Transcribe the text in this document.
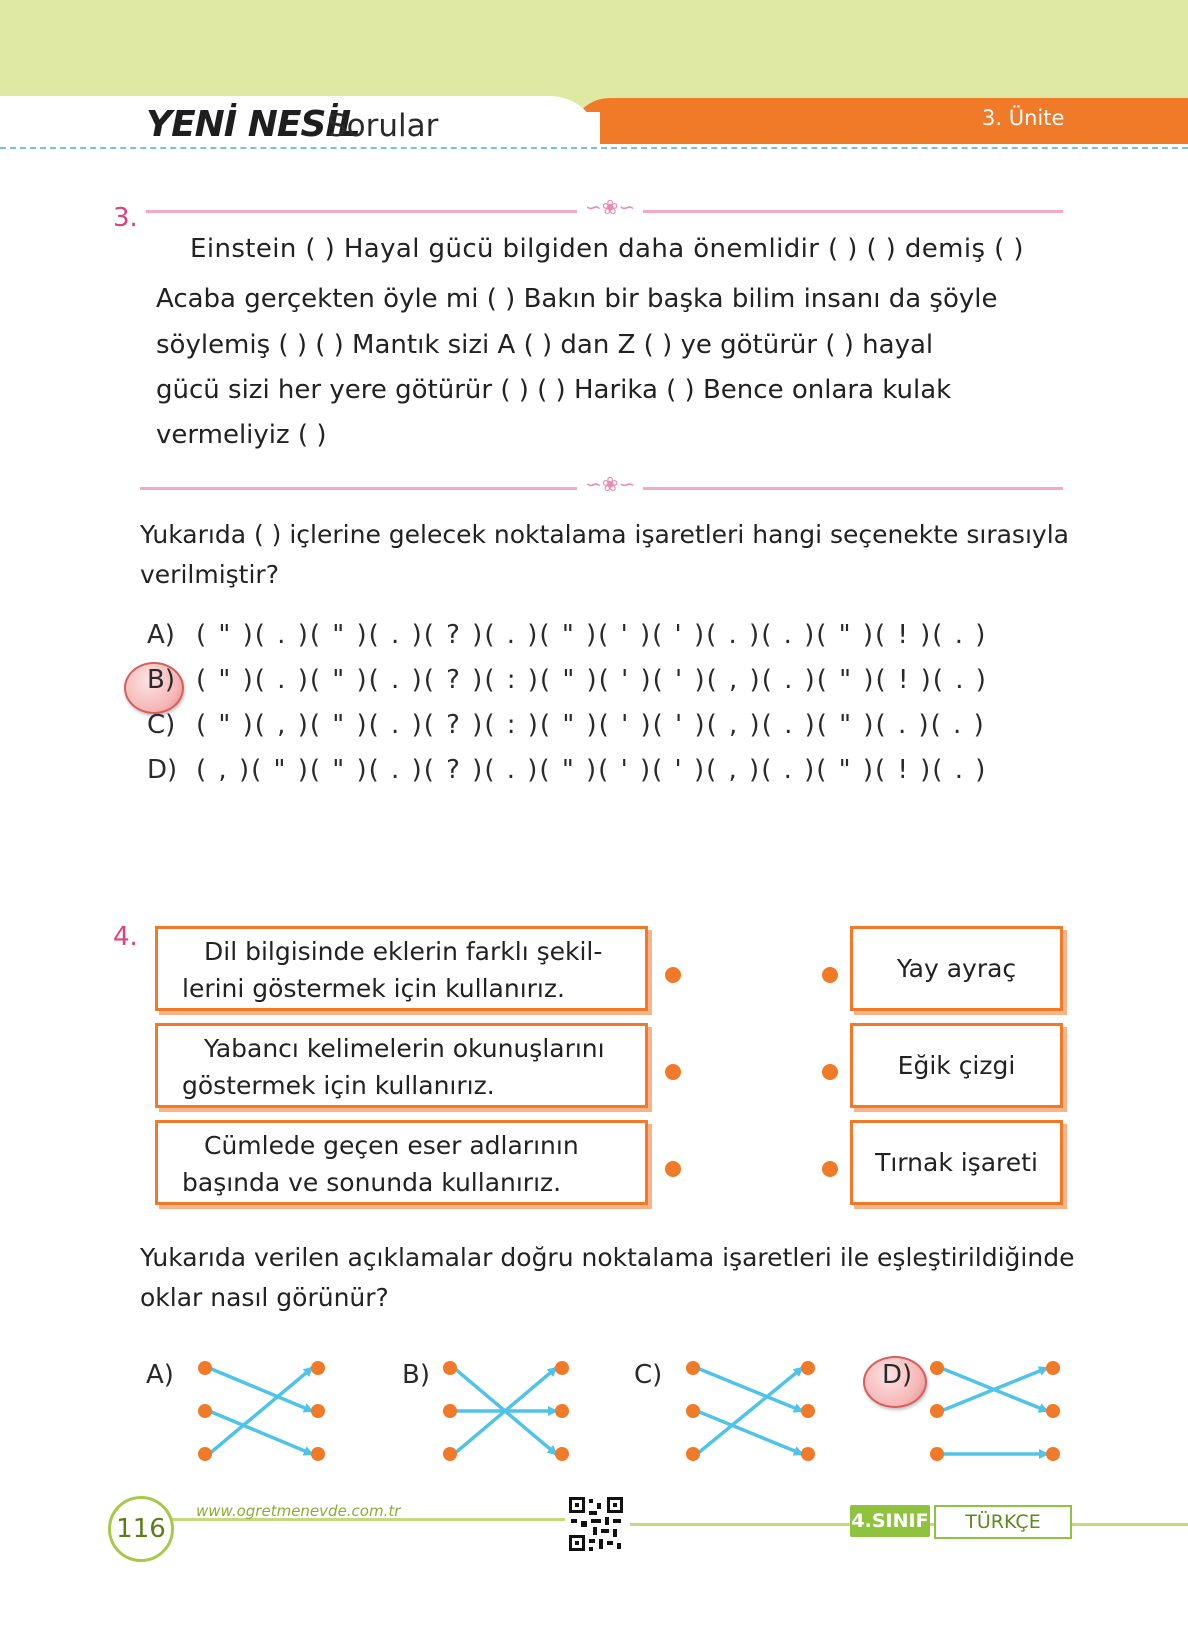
YENİ NESİL
Sorular	3. Ünite
3.	∽❀∽
Einstein ( ) Hayal gücü bilgiden daha önemlidir ( ) ( ) demiş ( )
Acaba gerçekten öyle mi ( ) Bakın bir başka bilim insanı da şöyle
söylemiş ( ) ( ) Mantık sizi A ( ) dan Z ( ) ye götürür ( ) hayal
gücü sizi her yere götürür ( ) ( ) Harika ( ) Bence onlara kulak
vermeliyiz ( )
∽❀∽
Yukarıda ( ) içlerine gelecek noktalama işaretleri hangi seçenekte sırasıyla
verilmiştir?
A) ( " )( . )( " )( . )( ? )( . )( " )( ' )( ' )( . )( . )( " )( ! )( . )
B) ( " )( . )( " )( . )( ? )( : )( " )( ' )( ' )( , )( . )( " )( ! )( . )
C) ( " )( , )( " )( . )( ? )( : )( " )( ' )( ' )( , )( . )( " )( . )( . )
D) ( , )( " )( " )( . )( ? )( . )( " )( ' )( ' )( , )( . )( " )( ! )( . )
4.	Dil bilgisinde eklerin farklı şekil-
lerini göstermek için kullanırız.
Yabancı kelimelerin okunuşlarını
göstermek için kullanırız.
Cümlede geçen eser adlarının
başında ve sonunda kullanırız.
Yay ayraç
Eğik çizgi
Tırnak işareti
Yukarıda verilen açıklamalar doğru noktalama işaretleri ile eşleştirildiğinde
oklar nasıl görünür?
A)	B)	C)	D)
116
www.ogretmenevde.com.tr	4.SINIF	TÜRKÇE
